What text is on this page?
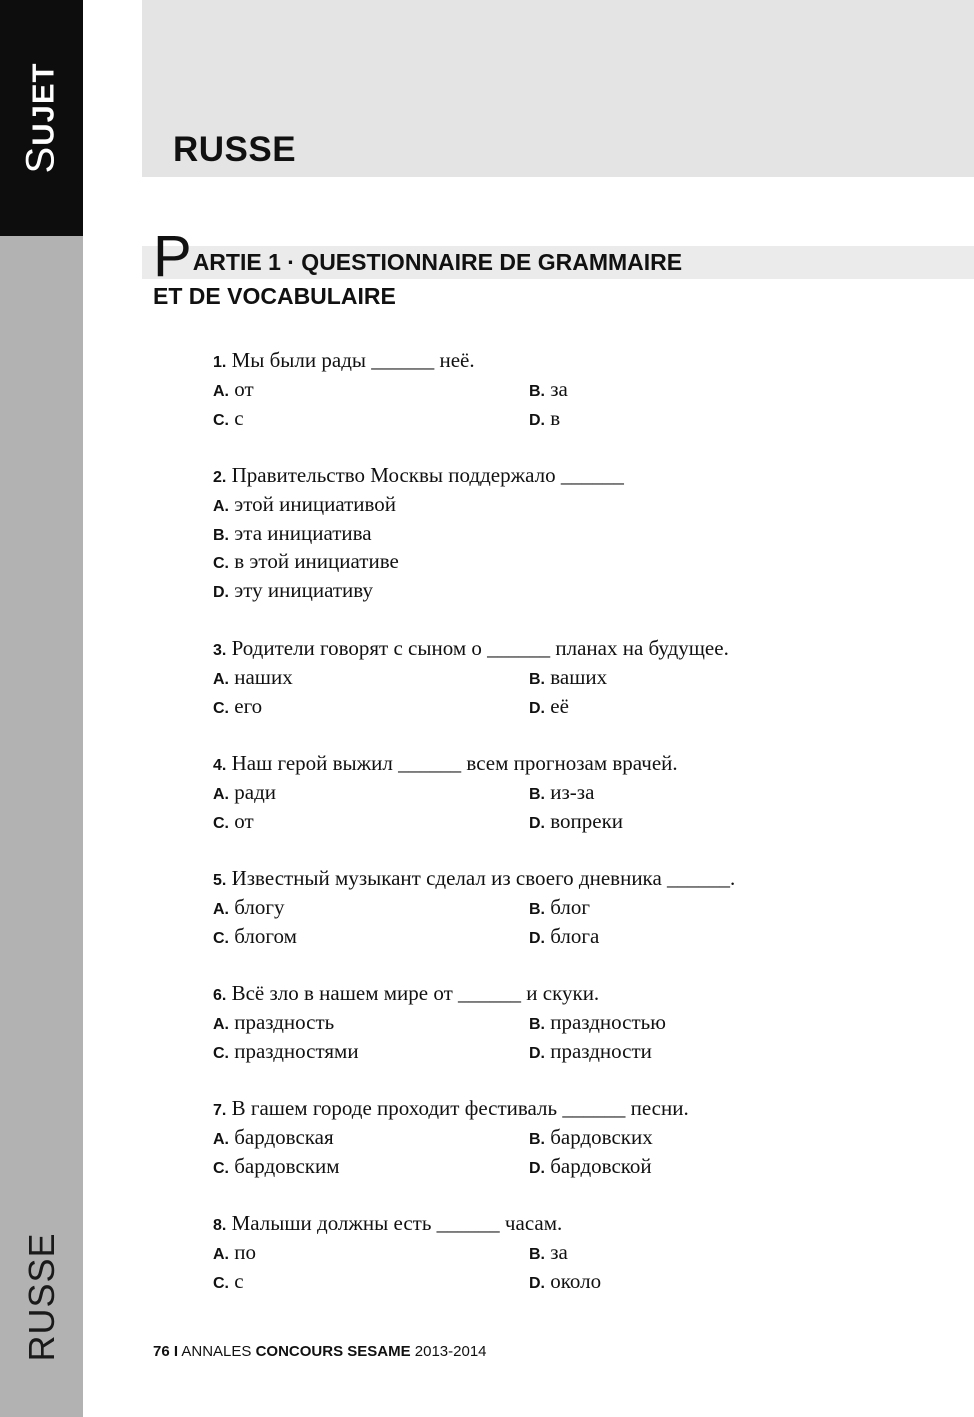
SUJET
RUSSE
RUSSE
PARTIE 1 · QUESTIONNAIRE DE GRAMMAIRE
ET DE VOCABULAIRE
1. Мы были рады ______ неё.
A. от	B. за
C. с	D. в
2. Правительство Москвы поддержало ______
A. этой инициативой
B. эта инициатива
C. в этой инициативе
D. эту инициативу
3. Родители говорят с сыном о ______ планах на будущее.
A. наших	B. ваших
C. его	D. её
4. Наш герой выжил ______ всем прогнозам врачей.
A. ради	B. из-за
C. от	D. вопреки
5. Известный музыкант сделал из своего дневника ______.
A. блогу	B. блог
C. блогом	D. блога
6. Всё зло в нашем мире от ______ и скуки.
A. праздность	B. праздностью
C. праздностями	D. праздности
7. В гашем городе проходит фестиваль ______ песни.
A. бардовская	B. бардовских
C. бардовским	D. бардовской
8. Малыши должны есть ______ часам.
A. по	B. за
C. с	D. около
76 I ANNALES CONCOURS SESAME 2013-2014
